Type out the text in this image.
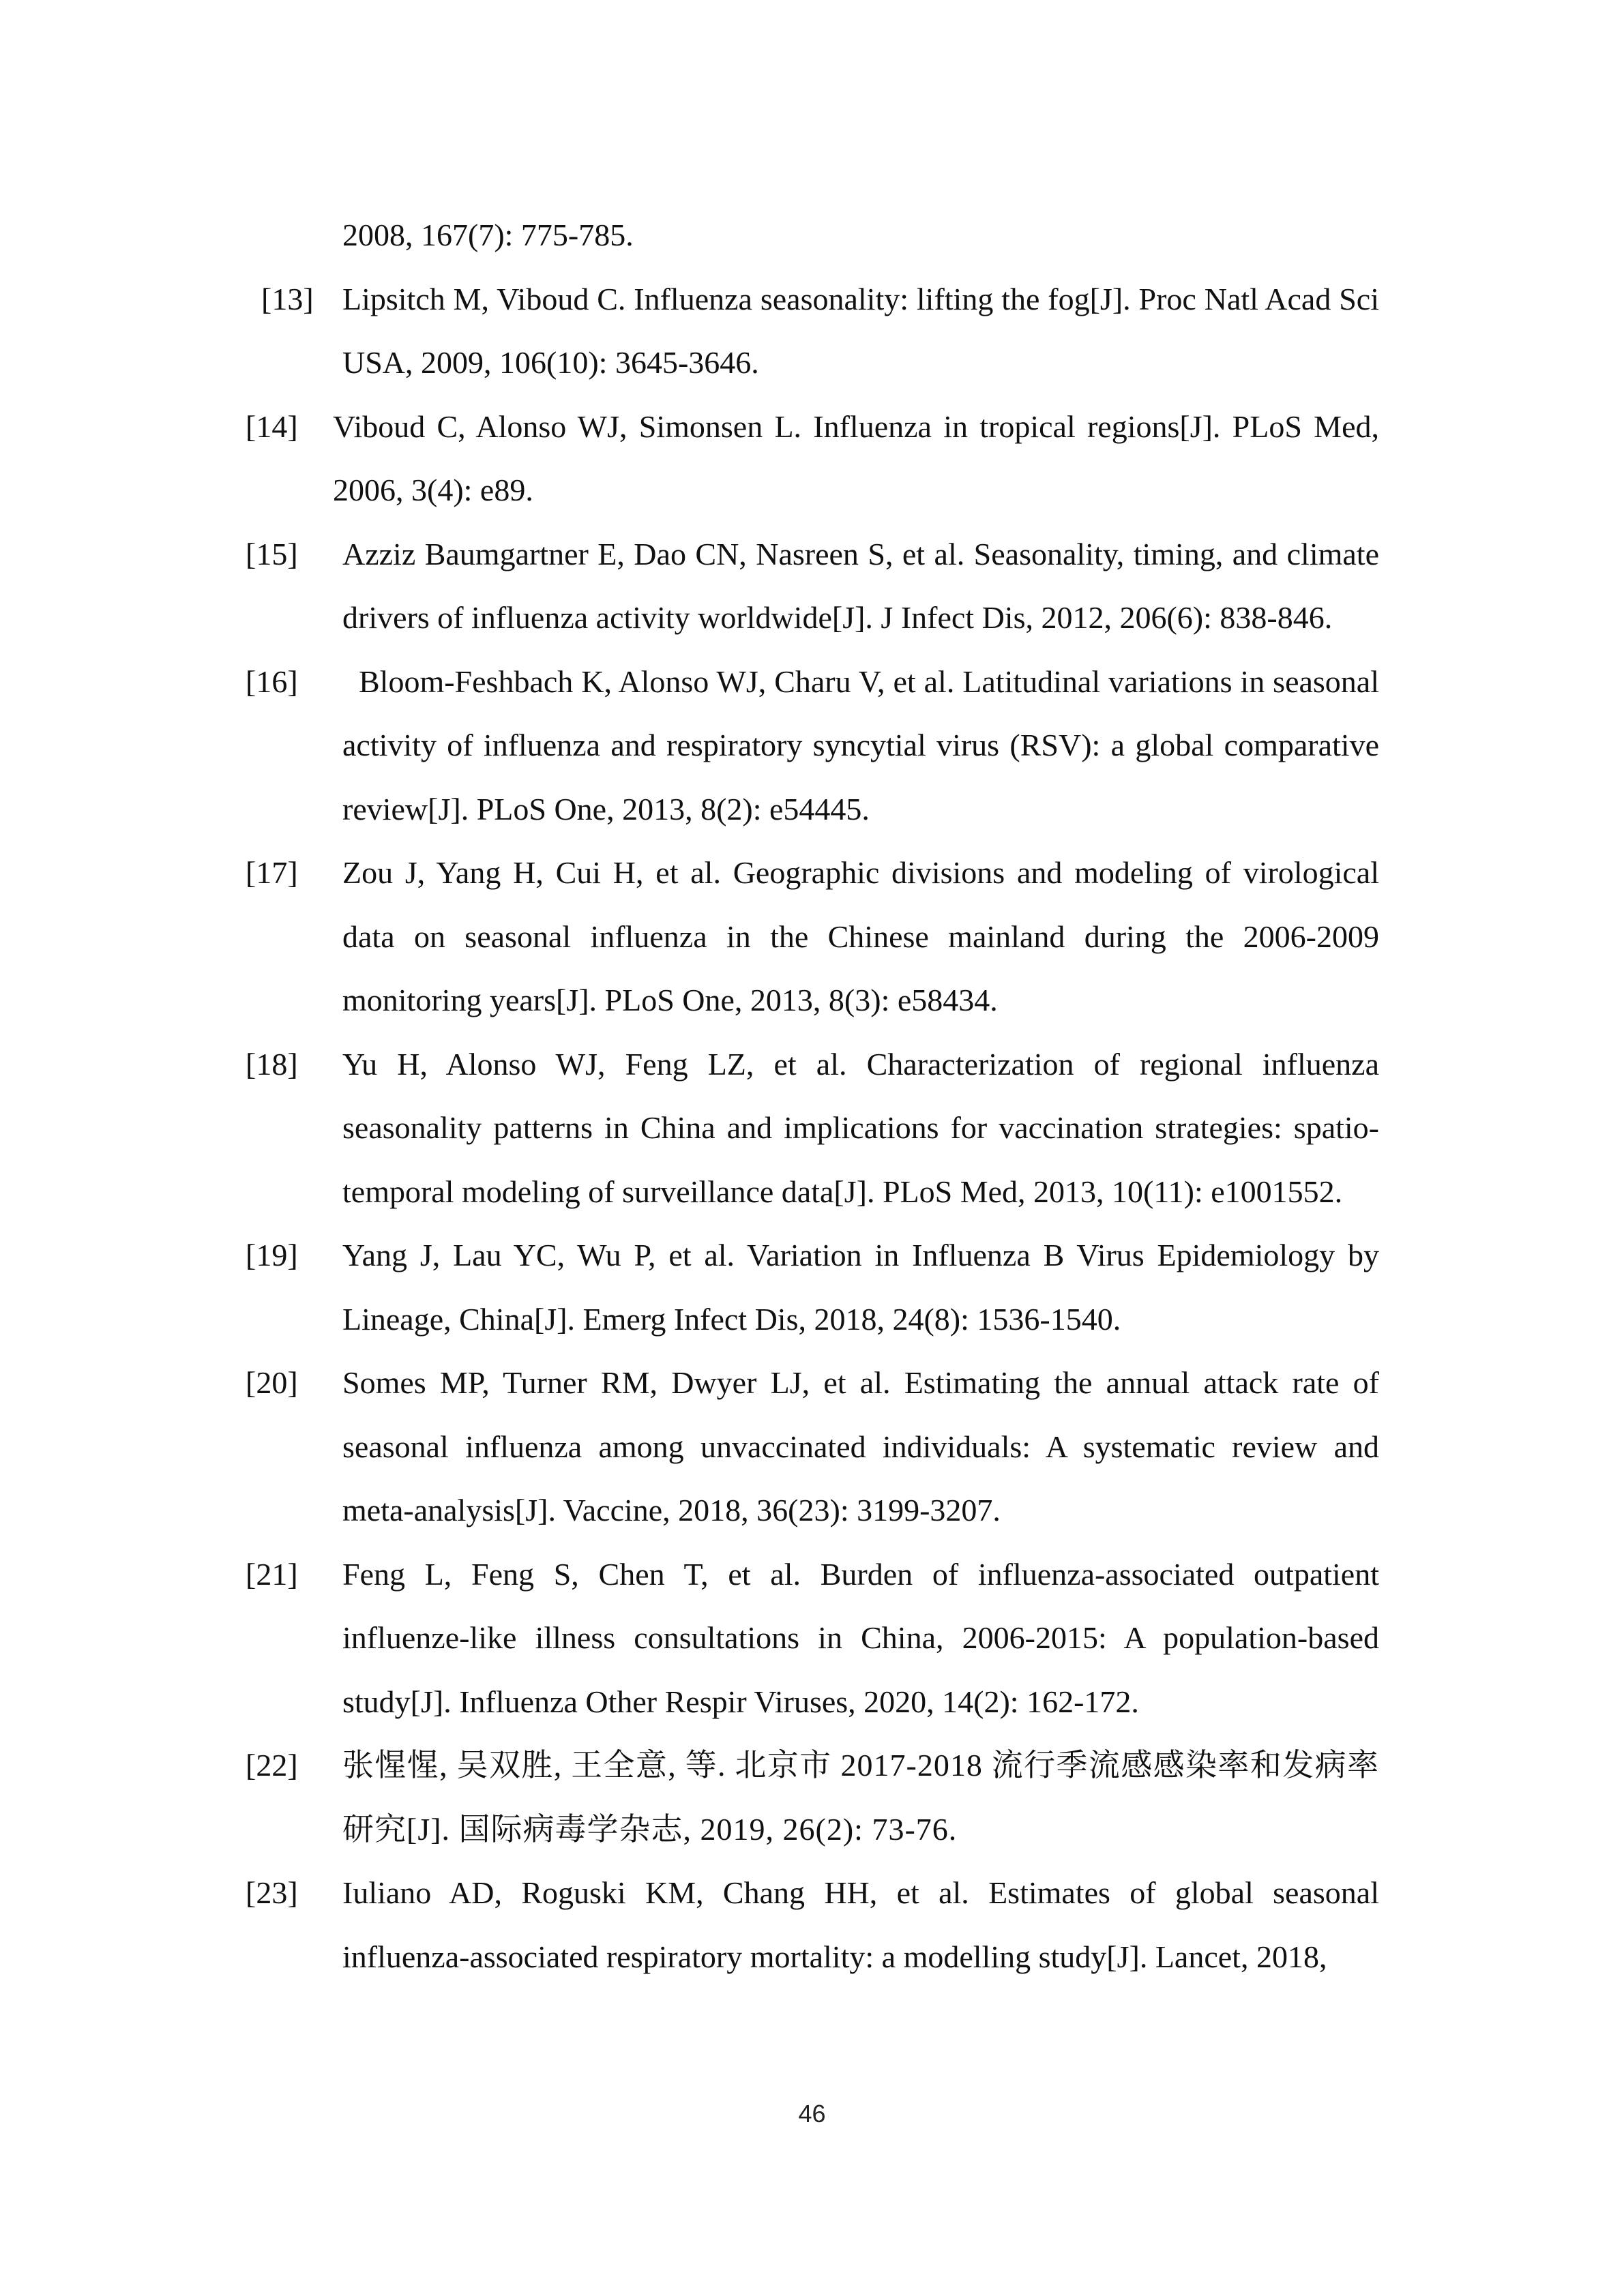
2008, 167(7): 775-785.
[13] Lipsitch M, Viboud C. Influenza seasonality: lifting the fog[J]. Proc Natl Acad Sci USA, 2009, 106(10): 3645-3646.
[14]	Viboud C, Alonso WJ, Simonsen L. Influenza in tropical regions[J]. PLoS Med, 2006, 3(4): e89.
[15]	Azziz Baumgartner E, Dao CN, Nasreen S, et al. Seasonality, timing, and climate drivers of influenza activity worldwide[J]. J Infect Dis, 2012, 206(6): 838-846.
[16]	Bloom-Feshbach K, Alonso WJ, Charu V, et al. Latitudinal variations in seasonal activity of influenza and respiratory syncytial virus (RSV): a global comparative review[J]. PLoS One, 2013, 8(2): e54445.
[17]	Zou J, Yang H, Cui H, et al. Geographic divisions and modeling of virological data on seasonal influenza in the Chinese mainland during the 2006-2009 monitoring years[J]. PLoS One, 2013, 8(3): e58434.
[18]	Yu H, Alonso WJ, Feng LZ, et al. Characterization of regional influenza seasonality patterns in China and implications for vaccination strategies: spatio-temporal modeling of surveillance data[J]. PLoS Med, 2013, 10(11): e1001552.
[19]	Yang J, Lau YC, Wu P, et al. Variation in Influenza B Virus Epidemiology by Lineage, China[J]. Emerg Infect Dis, 2018, 24(8): 1536-1540.
[20]	Somes MP, Turner RM, Dwyer LJ, et al. Estimating the annual attack rate of seasonal influenza among unvaccinated individuals: A systematic review and meta-analysis[J]. Vaccine, 2018, 36(23): 3199-3207.
[21]	Feng L, Feng S, Chen T, et al. Burden of influenza-associated outpatient influenze-like illness consultations in China, 2006-2015: A population-based study[J]. Influenza Other Respir Viruses, 2020, 14(2): 162-172.
[22]	张惺惺, 吴双胜, 王全意, 等. 北京市 2017-2018 流行季流感感染率和发病率研究[J]. 国际病毒学杂志, 2019, 26(2): 73-76.
[23]	Iuliano AD, Roguski KM, Chang HH, et al. Estimates of global seasonal influenza-associated respiratory mortality: a modelling study[J]. Lancet, 2018,
46
